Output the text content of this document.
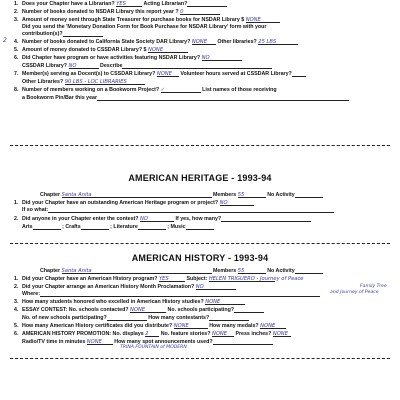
2
1. Does your Chapter have a Librarian? YES	Acting Librarian?
2. Number of books donated to NSDAR Library this report year ? 0
3. Amount of money sent through State Treasurer for purchase books for NSDAR Library $ NONE
Did you send the 'Monetary Donation Form for Book Purchase for NSDAR Library' form with your
contribution(s)?
4. Number of books donated to California State Society DAR Library? NONE Other libraries? 25 LBS
5. Amount of money donated to CSSDAR Library? $ NONE
6. Did Chapter have program or have activities featuring NSDAR Library? NO
CSSDAR Library? NO	Describe
7. Member(s) serving as Docent(s) to CSSDAR Library? NONE Volunteer hours served at CSSDAR Library?
Other Libraries? 90 LBS - LOC LIBRARIES
8. Number of members working on a Bookworm Project? ✓	List names of those receiving
a Bookworm Pin/Bar this year
AMERICAN HERITAGE - 1993-94
Chapter Santa Anita	Members 55	No Activity
1. Did your Chapter have an outstanding American Heritage program or project? NO
If so what:
2. Did anyone in your Chapter enter the contest? NO	If yes, how many?
Arts	; Crafts	; Literature	; Music
AMERICAN HISTORY - 1993-94
Chapter Santa Anita	Members 55	No Activity
1. Did your Chapter have an American History program? YES	Subject: HELEN TRIGUERO - Journey of Peace
2. Did your Chapter arrange an American History Month Proclamation? NO
Where:
3. How many students honored who excelled in American History studies? NONE
4. ESSAY CONTEST: No. schools contacted? NONE	No. schools participating?
No. of new schools participating?	How many contestants?
5. How many American History certificates did you distribute? NONE	How many medals? NONE
6. AMERICAN HISTORY PROMOTION: No. displays 2 No. feature stories? NONE Press inches? NONE
Radio/TV time in minutes NONE How many spot announcements used?
TRINA FOUNTAIN of MODERN
Family Tree
and Journey of Peace
